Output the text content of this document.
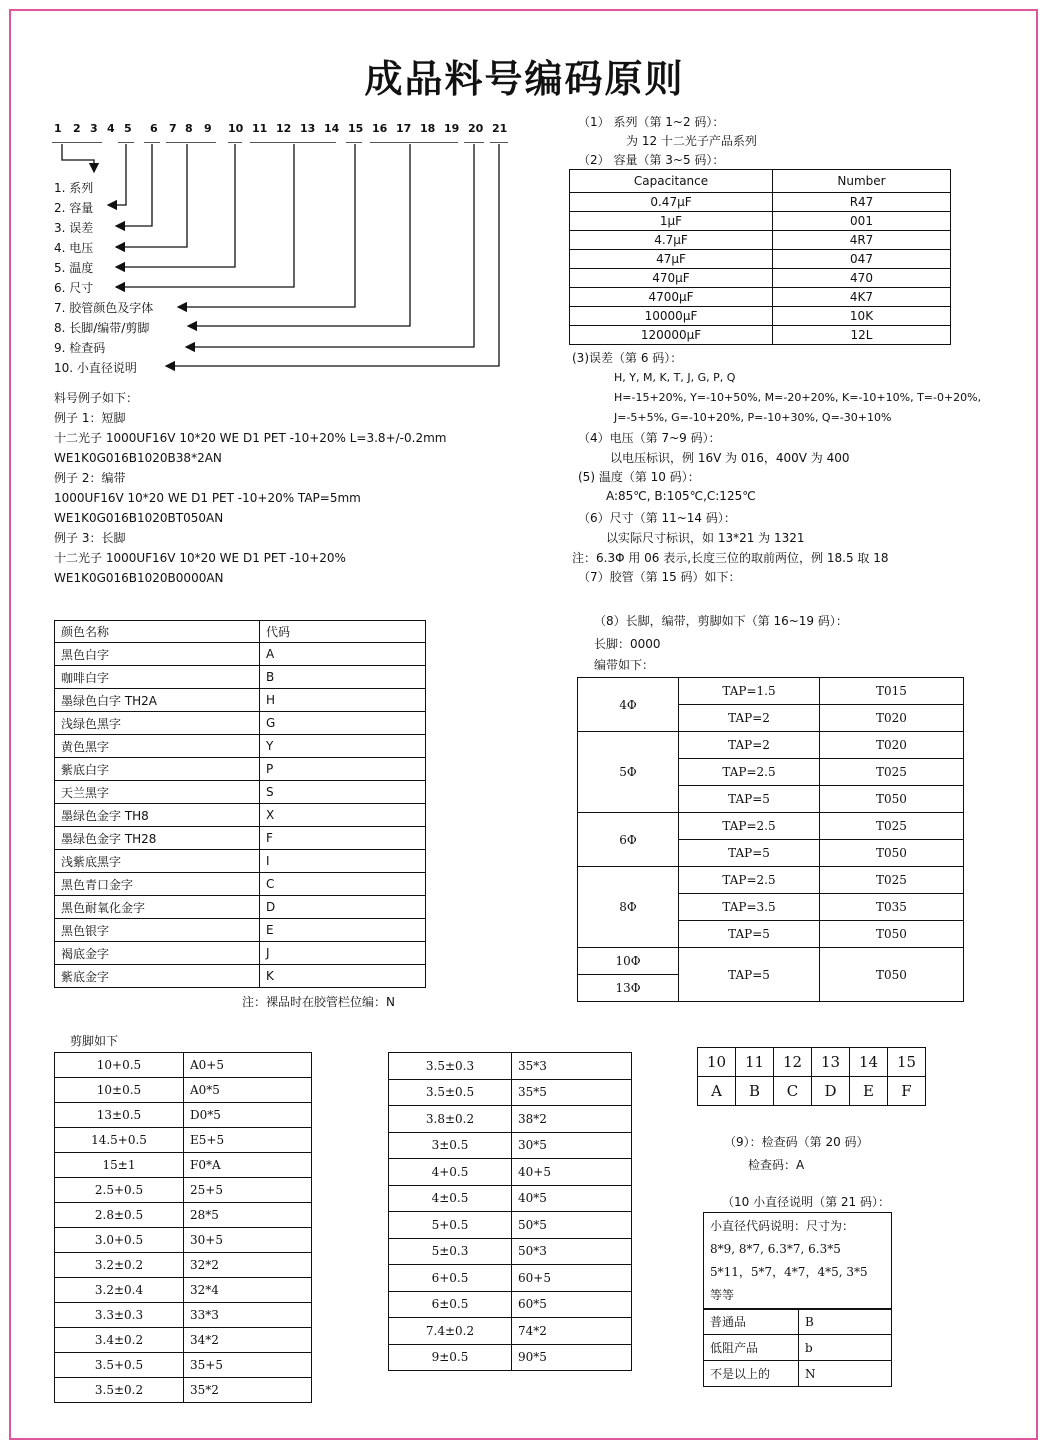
成品料号编码原则
1 2 3 4 5 6 7 8 9 10 11 12 13 14 15 16 17 18 19 20 21
1. 系列
2. 容量
3. 误差
4. 电压
5. 温度
6. 尺寸
7. 胶管颜色及字体
8. 长脚/编带/剪脚
9. 检查码
10. 小直径说明
料号例子如下：
例子 1：短脚
十二光子 1000UF16V 10*20 WE D1 PET -10+20% L=3.8+/-0.2mm
WE1K0G016B1020B38*2AN
例子 2：编带
1000UF16V 10*20 WE D1 PET -10+20% TAP=5mm
WE1K0G016B1020BT050AN
例子 3：长脚
十二光子 1000UF16V 10*20 WE D1 PET -10+20%
WE1K0G016B1020B0000AN
（1） 系列（第 1~2 码）：
为 12 十二光子产品系列
（2） 容量（第 3~5 码）：
Capacitance	Number
0.47μF	R47
1μF	001
4.7μF	4R7
47μF	047
470μF	470
4700μF	4K7
10000μF	10K
120000μF	12L
(3)误差（第 6 码）：
H, Y, M, K, T, J, G, P, Q
H=-15+20%, Y=-10+50%, M=-20+20%, K=-10+10%, T=-0+20%,
J=-5+5%, G=-10+20%, P=-10+30%, Q=-30+10%
（4）电压（第 7~9 码）：
以电压标识，例 16V 为 016，400V 为 400
(5) 温度（第 10 码）：
A:85℃, B:105℃,C:125℃
（6）尺寸（第 11~14 码）：
以实际尺寸标识，如 13*21 为 1321
注：6.3Φ 用 06 表示,长度三位的取前两位，例 18.5 取 18
（7）胶管（第 15 码）如下：
颜色名称	代码
黑色白字	A
咖啡白字	B
墨绿色白字 TH2A	H
浅绿色黑字	G
黄色黑字	Y
紫底白字	P
天兰黑字	S
墨绿色金字 TH8	X
墨绿色金字 TH28	F
浅紫底黑字	I
黑色青口金字	C
黑色耐氧化金字	D
黑色银字	E
褐底金字	J
紫底金字	K
注：裸品时在胶管栏位编：N
（8）长脚，编带，剪脚如下（第 16~19 码）：
长脚：0000
编带如下：
4Φ	TAP=1.5	T015
	TAP=2	T020
5Φ	TAP=2	T020
	TAP=2.5	T025
	TAP=5	T050
6Φ	TAP=2.5	T025
	TAP=5	T050
8Φ	TAP=2.5	T025
	TAP=3.5	T035
	TAP=5	T050
10Φ	TAP=5	T050
13Φ		
剪脚如下
10+0.5	A0+5
10±0.5	A0*5
13±0.5	D0*5
14.5+0.5	E5+5
15±1	F0*A
2.5+0.5	25+5
2.8±0.5	28*5
3.0+0.5	30+5
3.2±0.2	32*2
3.2±0.4	32*4
3.3±0.3	33*3
3.4±0.2	34*2
3.5+0.5	35+5
3.5±0.2	35*2
3.5±0.3	35*3
3.5±0.5	35*5
3.8±0.2	38*2
3±0.5	30*5
4+0.5	40+5
4±0.5	40*5
5+0.5	50*5
5±0.3	50*3
6+0.5	60+5
6±0.5	60*5
7.4±0.2	74*2
9±0.5	90*5
10	11	12	13	14	15
A	B	C	D	E	F
（9）：检查码（第 20 码）
检查码：A
（10 小直径说明（第 21 码）：
小直径代码说明：尺寸为：
8*9, 8*7, 6.3*7, 6.3*5
5*11，5*7，4*7，4*5, 3*5
等等
普通品	B
低阻产品	b
不是以上的	N
